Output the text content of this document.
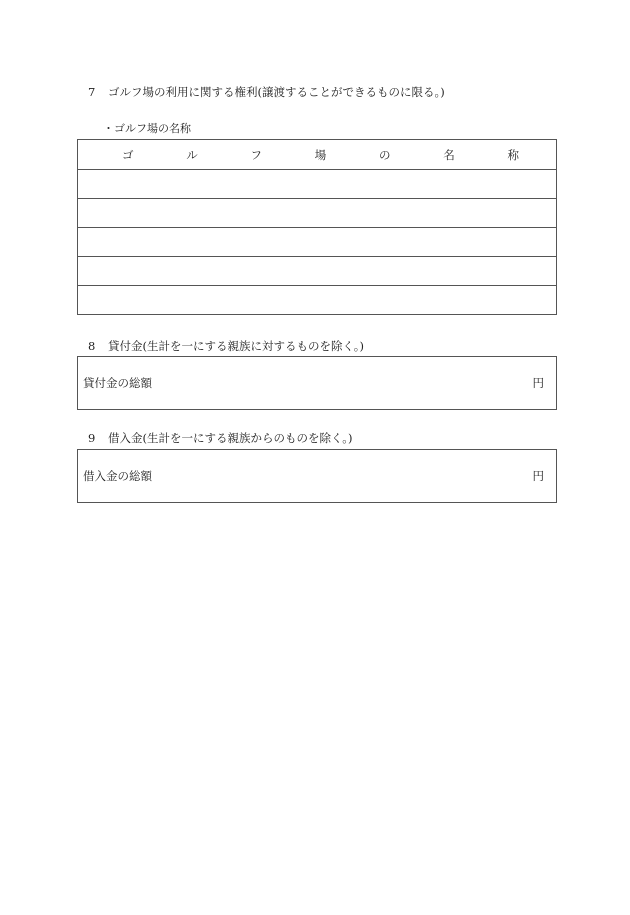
7 ゴルフ場の利用に関する権利(譲渡することができるものに限る。)
・ゴルフ場の名称
ゴ	ル	フ	場	の	名	称

8 貸付金(生計を一にする親族に対するものを除く。)
貸付金の総額	円
9 借入金(生計を一にする親族からのものを除く。)
借入金の総額	円
